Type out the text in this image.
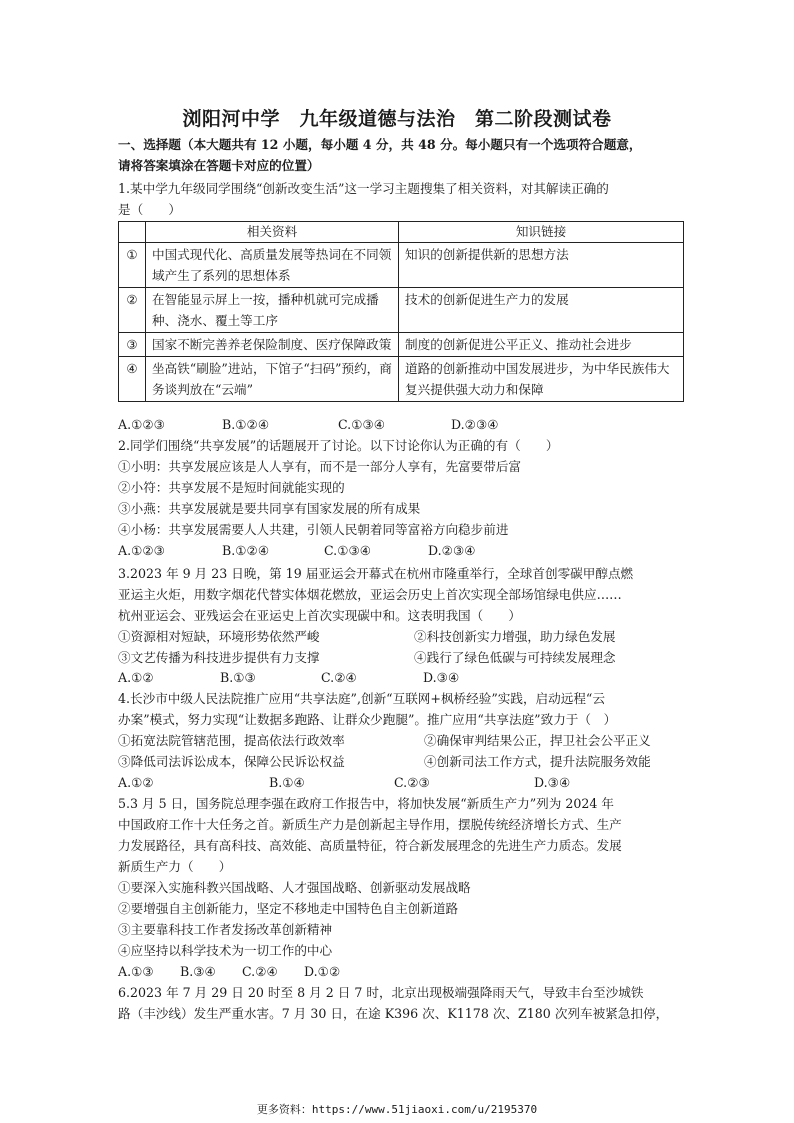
浏阳河中学　九年级道德与法治　第二阶段测试卷
一、选择题（本大题共有 12 小题，每小题 4 分，共 48 分。每小题只有一个选项符合题意，
请将答案填涂在答题卡对应的位置）
1.某中学九年级同学围绕“创新改变生活”这一学习主题搜集了相关资料，对其解读正确的
是（　　）
	相关资料	知识链接
①	中国式现代化、高质量发展等热词在不同领域产生了系列的思想体系	知识的创新提供新的思想方法
②	在智能显示屏上一按，播种机就可完成播种、浇水、覆土等工序	技术的创新促进生产力的发展
③	国家不断完善养老保险制度、医疗保障政策	制度的创新促进公平正义、推动社会进步
④	坐高铁“刷脸”进站，下馆子“扫码”预约，商务谈判放在“云端”	道路的创新推动中国发展进步，为中华民族伟大复兴提供强大动力和保障
A.①②③	B.①②④	C.①③④	D.②③④
2.同学们围绕“共享发展”的话题展开了讨论。以下讨论你认为正确的有（　　）
①小明：共享发展应该是人人享有，而不是一部分人享有，先富要带后富
②小符：共享发展不是短时间就能实现的
③小燕：共享发展就是要共同享有国家发展的所有成果
④小杨：共享发展需要人人共建，引领人民朝着同等富裕方向稳步前进
A.①②③	B.①②④	C.①③④	D.②③④
3.2023 年 9 月 23 日晚，第 19 届亚运会开幕式在杭州市隆重举行，全球首创零碳甲醇点燃
亚运主火炬，用数字烟花代替实体烟花燃放，亚运会历史上首次实现全部场馆绿电供应……
杭州亚运会、亚残运会在亚运史上首次实现碳中和。这表明我国（　　）
①资源相对短缺，环境形势依然严峻	②科技创新实力增强，助力绿色发展
③文艺传播为科技进步提供有力支撑	④践行了绿色低碳与可持续发展理念
A.①②	B.①③	C.②④	D.③④
4.长沙市中级人民法院推广应用“共享法庭”,创新“互联网+枫桥经验”实践，启动远程“云
办案”模式，努力实现“让数据多跑路、让群众少跑腿”。推广应用“共享法庭”致力于（　）
①拓宽法院管辖范围，提高依法行政效率	②确保审判结果公正，捍卫社会公平正义
③降低司法诉讼成本，保障公民诉讼权益	④创新司法工作方式，提升法院服务效能
A.①②	B.①④	C.②③	D.③④
5.3 月 5 日，国务院总理李强在政府工作报告中，将加快发展“新质生产力”列为 2024 年
中国政府工作十大任务之首。新质生产力是创新起主导作用，摆脱传统经济增长方式、生产
力发展路径，具有高科技、高效能、高质量特征，符合新发展理念的先进生产力质态。发展
新质生产力（　　）
①要深入实施科教兴国战略、人才强国战略、创新驱动发展战略
②要增强自主创新能力，坚定不移地走中国特色自主创新道路
③主要靠科技工作者发扬改革创新精神
④应坚持以科学技术为一切工作的中心
A.①③ B.③④ C.②④ D.①②
6.2023 年 7 月 29 日 20 时至 8 月 2 日 7 时，北京出现极端强降雨天气，导致丰台至沙城铁
路（丰沙线）发生严重水害。7 月 30 日，在途 K396 次、K1178 次、Z180 次列车被紧急扣停，
更多资料：https://www.51jiaoxi.com/u/2195370
